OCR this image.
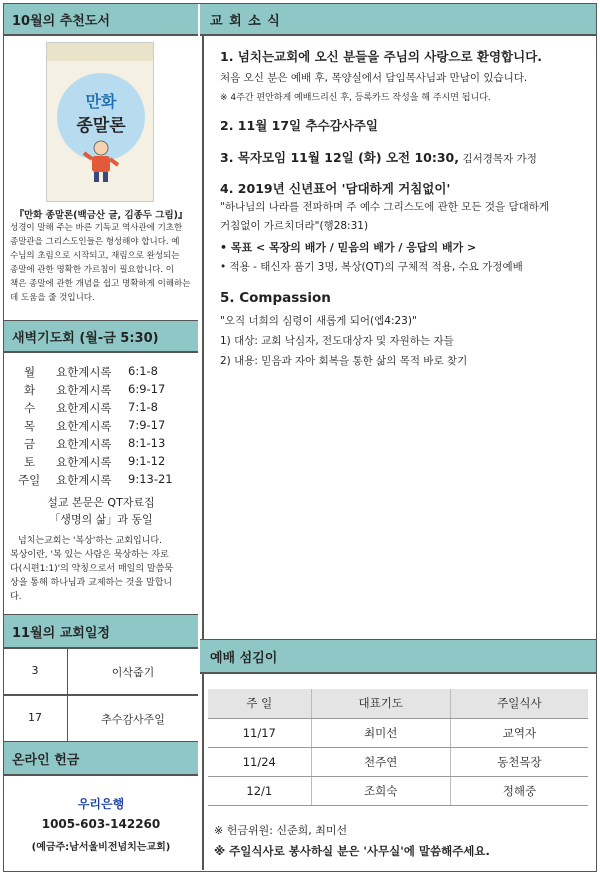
10월의 추천도서
만화
종말론
『만화 종말론(백금산 글, 김종두 그림)』
성경이 말해 주는 바른 기독교 역사관에 기초한
종말관을 그리스도인들은 형성해야 합니다. 예
수님의 초림으로 시작되고, 재림으로 완성되는
종말에 관한 명확한 가르침이 필요합니다. 이
책은 종말에 관한 개념을 쉽고 명확하게 이해하는
데 도움을 줄 것입니다.
새벽기도회 (월-금 5:30)
월 요한계시록 6:1-8
화 요한계시록 6:9-17
수 요한계시록 7:1-8
목 요한계시록 7:9-17
금 요한계시록 8:1-13
토 요한계시록 9:1-12
주일 요한계시록 9:13-21
설교 본문은 QT자료집
「생명의 삶」과 동일
넘치는교회는 '복상'하는 교회입니다.
복상이란, '복 있는 사람은 묵상하는 자로
다(시편1:1)'의 약칭으로서 매일의 말씀묵
상을 통해 하나님과 교제하는 것을 말합니
다.
11월의 교회일정
3	이삭줍기
17	추수감사주일
온라인 헌금
우리은행
1005-603-142260
(예금주:남서울비전넘치는교회)
교 회 소 식
1. 넘치는교회에 오신 분들을 주님의 사랑으로 환영합니다.
처음 오신 분은 예배 후, 목양실에서 담임목사님과 만남이 있습니다.
※ 4주간 편안하게 예배드리신 후, 등록카드 작성을 해 주시면 됩니다.
2. 11월 17일 추수감사주일
3. 목자모임 11월 12일 (화) 오전 10:30, 김서경목자 가정
4. 2019년 신년표어 '담대하게 거침없이'
"하나님의 나라를 전파하며 주 예수 그리스도에 관한 모든 것을 담대하게
거침없이 가르치더라"(행28:31)
• 목표 < 목장의 배가 / 믿음의 배가 / 응답의 배가 >
• 적용 - 태신자 품기 3명, 복상(QT)의 구체적 적용, 수요 가정예배
5. Compassion
"오직 너희의 심령이 새롭게 되어(엡4:23)"
1) 대상: 교회 낙심자, 전도대상자 및 자원하는 자들
2) 내용: 믿음과 자아 회복을 통한 삶의 목적 바로 찾기
예배 섬김이
주 일	대표기도	주일식사
11/17	최미선	교역자
11/24	천주연	동천목장
12/1	조희숙	정해중
※ 헌금위원: 신준희, 최미선
※ 주일식사로 봉사하실 분은 '사무실'에 말씀해주세요.
